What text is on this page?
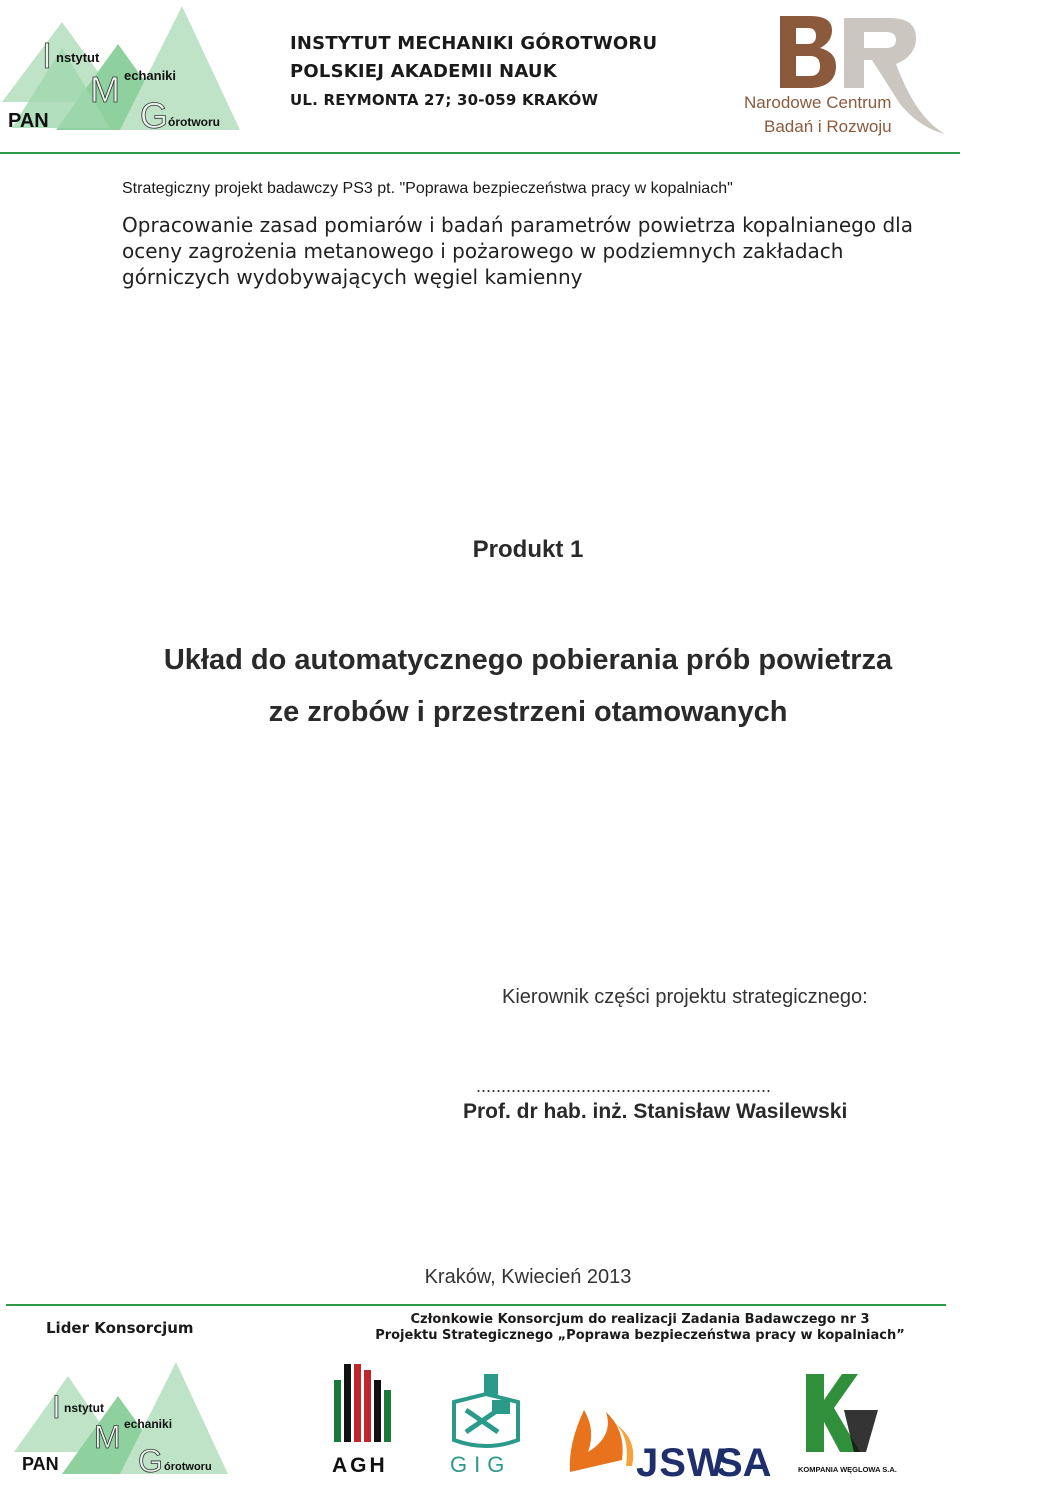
PAN
I nstytut
M echaniki
G órotworu
INSTYTUT MECHANIKI GÓROTWORU
POLSKIEJ AKADEMII NAUK
UL. REYMONTA 27; 30-059 KRAKÓW	Narodowe Centrum
Badań i Rozwoju
Strategiczny projekt badawczy PS3 pt. "Poprawa bezpieczeństwa pracy w kopalniach"
Opracowanie zasad pomiarów i badań parametrów powietrza kopalnianego dla oceny zagrożenia metanowego i pożarowego w podziemnych zakładach górniczych wydobywających węgiel kamienny
Produkt 1
Układ do automatycznego pobierania prób powietrza
ze zrobów i przestrzeni otamowanych
Kierownik części projektu strategicznego:
...........................................................
Prof. dr hab. inż. Stanisław Wasilewski
Kraków, Kwiecień 2013
Lider Konsorcjum	Członkowie Konsorcjum do realizacji Zadania Badawczego nr 3
Projektu Strategicznego „Poprawa bezpieczeństwa pracy w kopalniach”
PAN
I nstytut
M echaniki
G órotworu	AGH	GIG	JSW
SA	KOMPANIA WĘGLOWA S.A.
